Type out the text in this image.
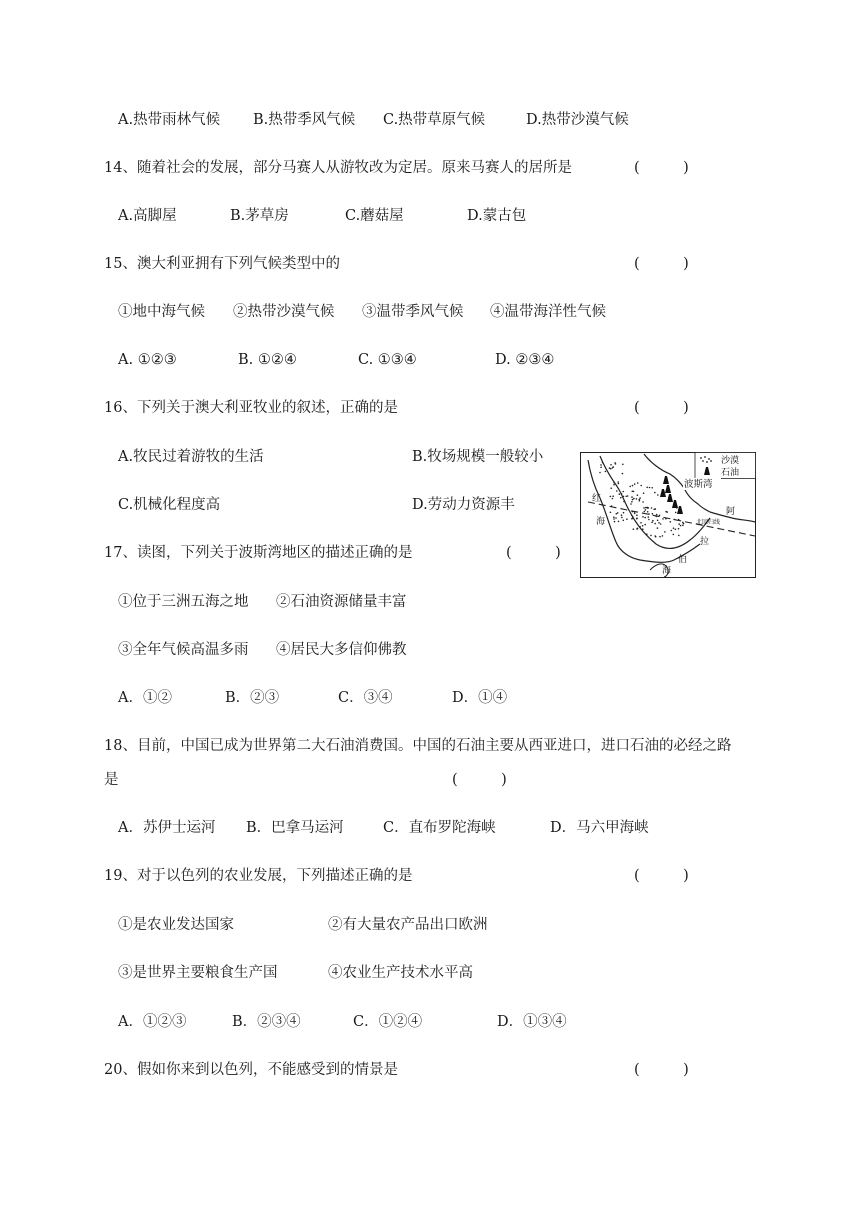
A.热带雨林气候 B.热带季风气候 C.热带草原气候	D.热带沙漠气候
14、随着社会的发展，部分马赛人从游牧改为定居。原来马赛人的居所是	(　　　)
A.高脚屋	B.茅草房	C.蘑菇屋	D.蒙古包
15、澳大利亚拥有下列气候类型中的	(　　　)
①地中海气候 ②热带沙漠气候 ③温带季风气候 ④温带海洋性气候
A. ①②③	B. ①②④	C. ①③④	D. ②③④
16、下列关于澳大利亚牧业的叙述，正确的是	(　　　)
A.牧民过着游牧的生活	B.牧场规模一般较小
C.机械化程度高	D.劳动力资源丰
沙漠
石油
北回归线
波斯湾
红
海
阿
拉
伯
海
17、读图，下列关于波斯湾地区的描述正确的是	(　　　)
①位于三洲五海之地 ②石油资源储量丰富
③全年气候高温多雨 ④居民大多信仰佛教
A．①②	B．②③	C．③④	D．①④
18、目前，中国已成为世界第二大石油消费国。中国的石油主要从西亚进口，进口石油的必经之路
是	(　　　)
A．苏伊士运河 B．巴拿马运河	C．直布罗陀海峡	D．马六甲海峡
19、对于以色列的农业发展，下列描述正确的是	(　　　)
①是农业发达国家	②有大量农产品出口欧洲
③是世界主要粮食生产国	④农业生产技术水平高
A．①②③	B．②③④	C．①②④	D．①③④
20、假如你来到以色列，不能感受到的情景是	(　　　)
